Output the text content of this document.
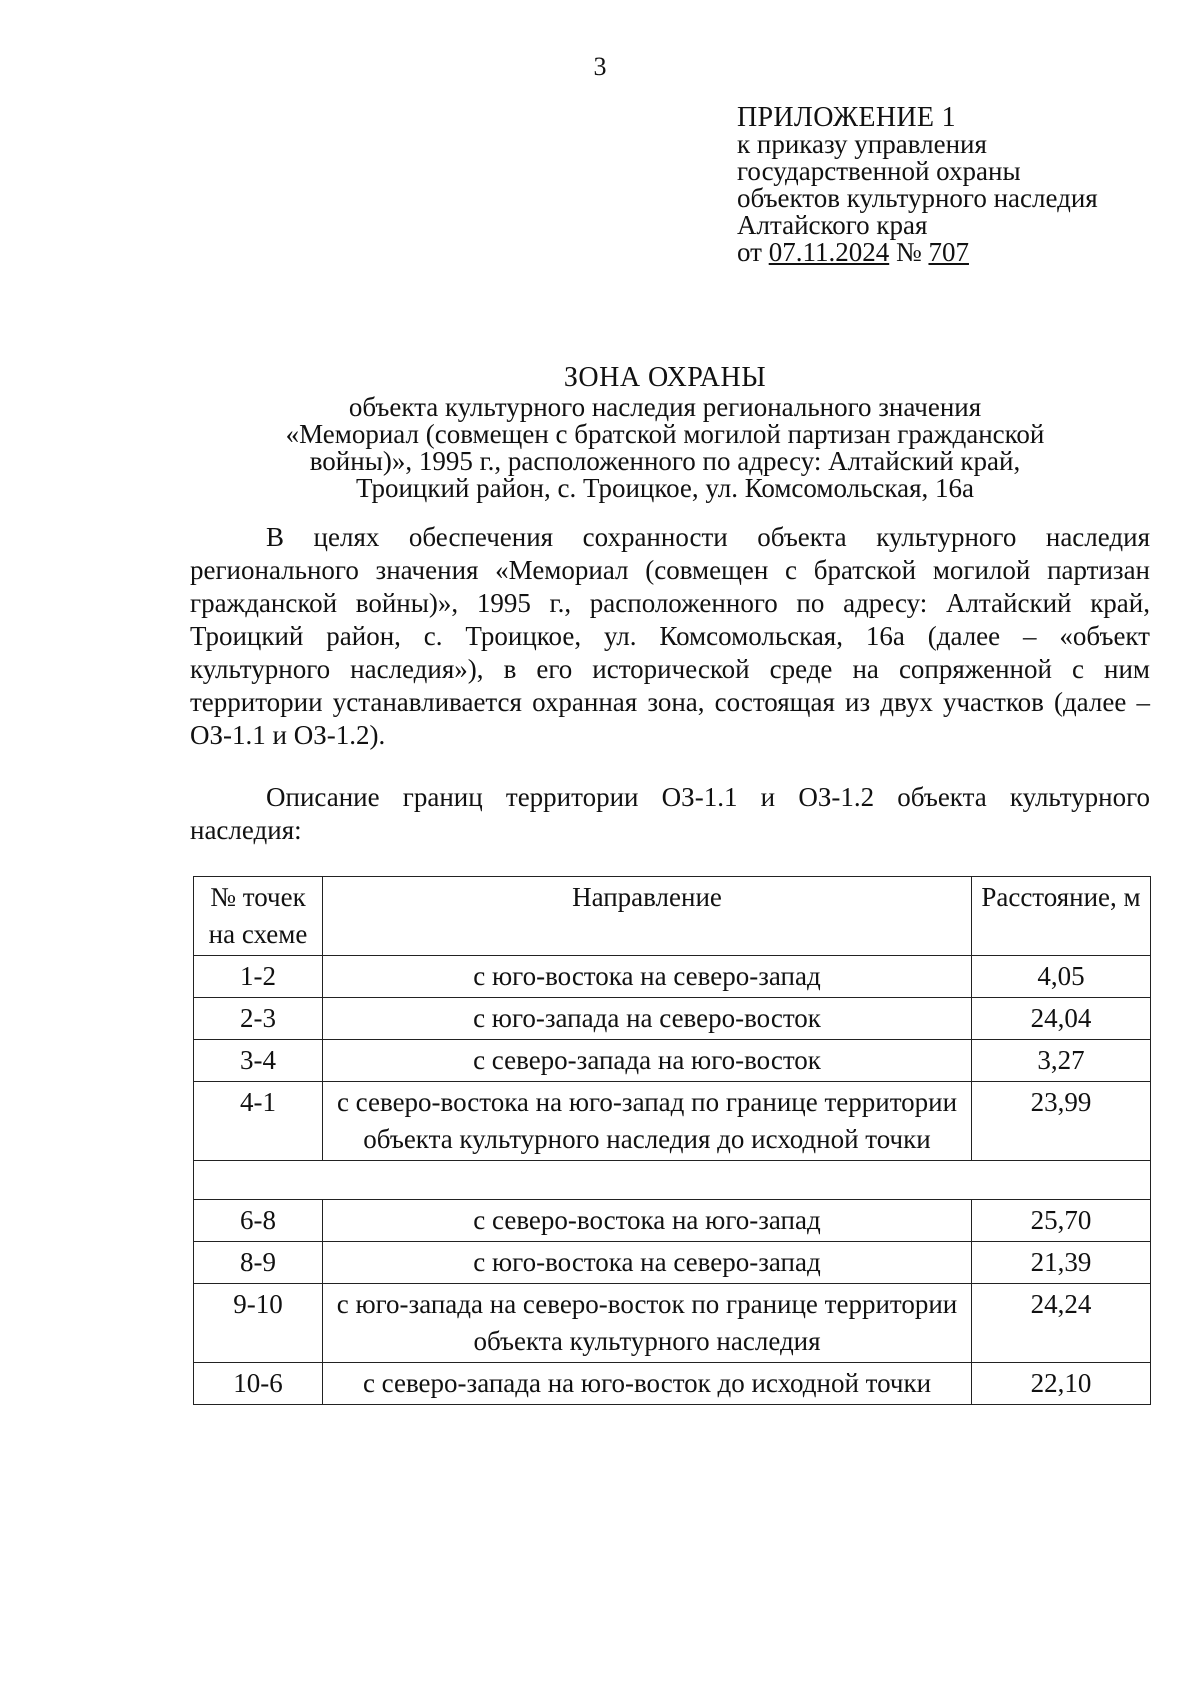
3
ПРИЛОЖЕНИЕ 1
к приказу управления
государственной охраны
объектов культурного наследия
Алтайского края
от 07.11.2024 № 707
ЗОНА ОХРАНЫ
объекта культурного наследия регионального значения
«Мемориал (совмещен с братской могилой партизан гражданской
войны)», 1995 г., расположенного по адресу: Алтайский край,
Троицкий район, с. Троицкое, ул. Комсомольская, 16а

В целях обеспечения сохранности объекта культурного наследия регионального значения «Мемориал (совмещен с братской могилой партизан гражданской войны)», 1995 г., расположенного по адресу: Алтайский край, Троицкий район, с. Троицкое, ул. Комсомольская, 16а (далее – «объект культурного наследия»), в его исторической среде на сопряженной с ним территории устанавливается охранная зона, состоящая из двух участков (далее – ОЗ-1.1 и ОЗ-1.2).

Описание границ территории ОЗ-1.1 и ОЗ-1.2 объекта культурного наследия:

№ точек
на схеме	Направление	Расстояние, м
1-2	с юго-востока на северо-запад	4,05
2-3	с юго-запада на северо-восток	24,04
3-4	с северо-запада на юго-восток	3,27
4-1	с северо-востока на юго-запад по границе территории объекта культурного наследия до исходной точки	23,99

6-8	с северо-востока на юго-запад	25,70
8-9	с юго-востока на северо-запад	21,39
9-10	с юго-запада на северо-восток по границе территории объекта культурного наследия	24,24
10-6	с северо-запада на юго-восток до исходной точки	22,10
